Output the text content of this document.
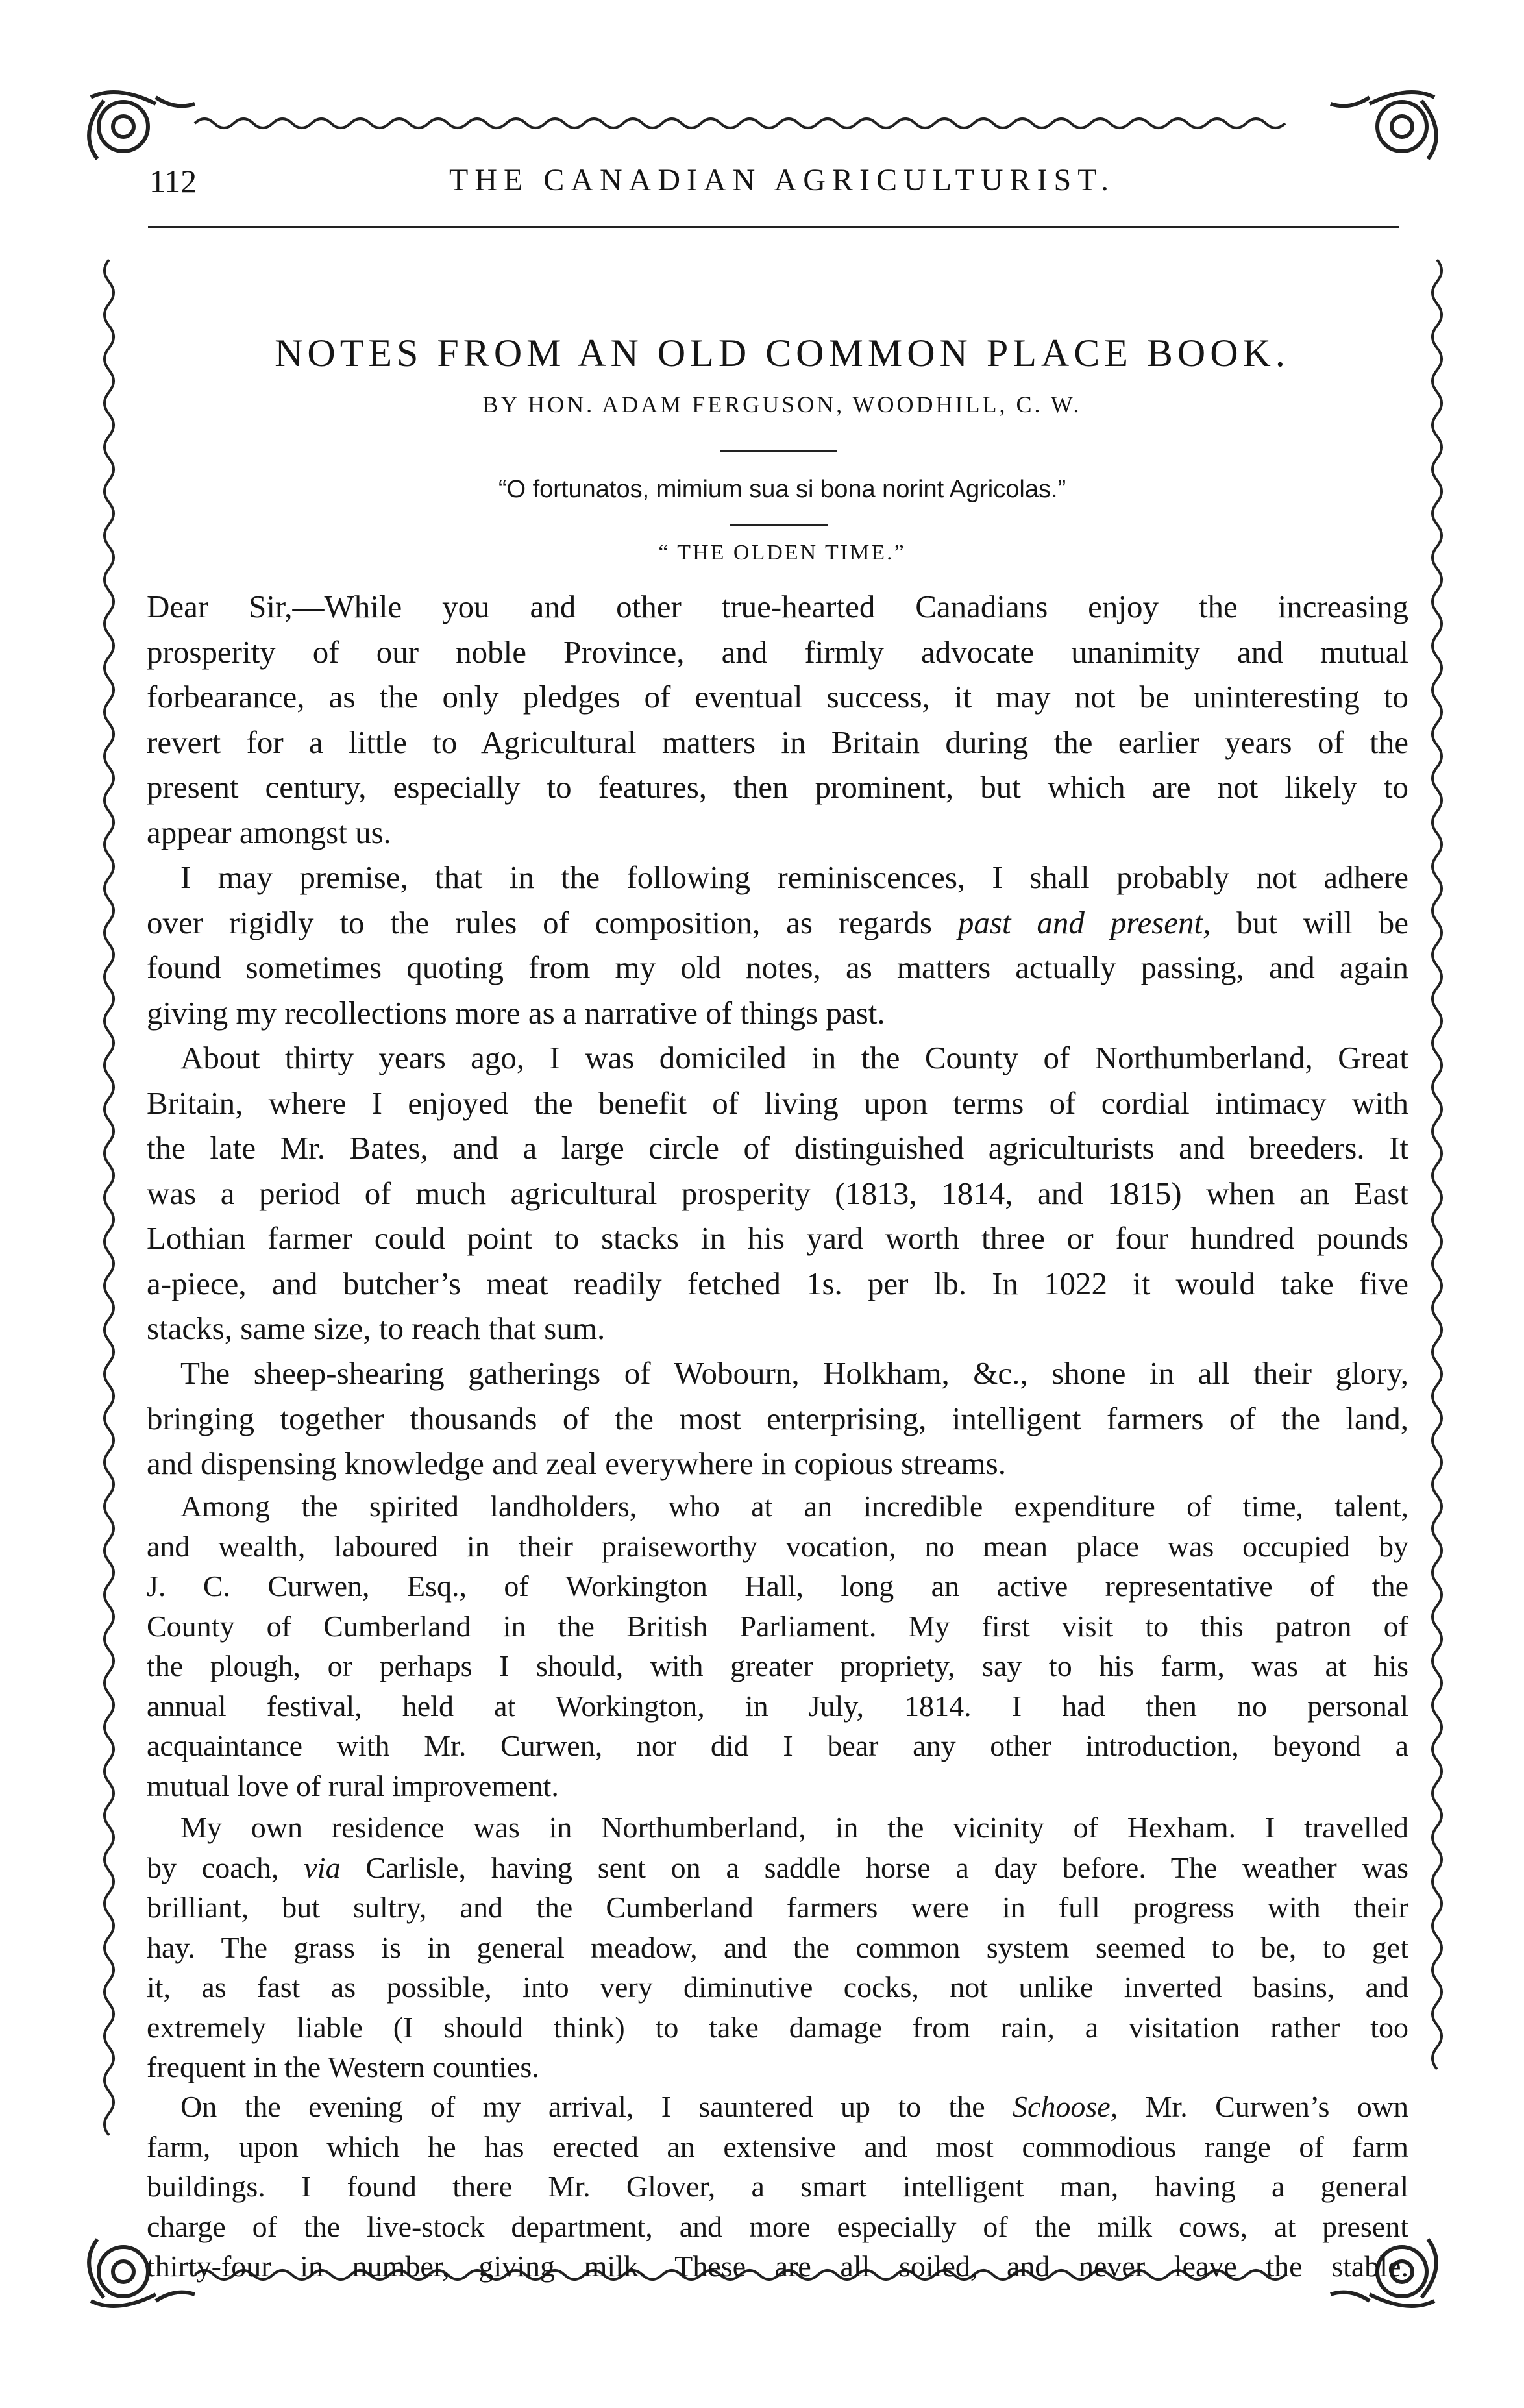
112	THE CANADIAN AGRICULTURIST.
NOTES FROM AN OLD COMMON PLACE BOOK.
BY HON. ADAM FERGUSON, WOODHILL, C. W.
“O fortunatos, mimium sua si bona norint Agricolas.”
“ THE OLDEN TIME.”
Dear Sir,—While you and other true-hearted Canadians enjoy the increasing
prosperity of our noble Province, and firmly advocate unanimity and mutual
forbearance, as the only pledges of eventual success, it may not be uninteresting to
revert for a little to Agricultural matters in Britain during the earlier years of the
present century, especially to features, then prominent, but which are not likely to
appear amongst us.
I may premise, that in the following reminiscences, I shall probably not adhere
over rigidly to the rules of composition, as regards past and present, but will be
found sometimes quoting from my old notes, as matters actually passing, and again
giving my recollections more as a narrative of things past.
About thirty years ago, I was domiciled in the County of Northumberland, Great
Britain, where I enjoyed the benefit of living upon terms of cordial intimacy with
the late Mr. Bates, and a large circle of distinguished agriculturists and breeders. It
was a period of much agricultural prosperity (1813, 1814, and 1815) when an East
Lothian farmer could point to stacks in his yard worth three or four hundred pounds
a-piece, and butcher’s meat readily fetched 1s. per lb. In 1022 it would take five
stacks, same size, to reach that sum.
The sheep-shearing gatherings of Wobourn, Holkham, &c., shone in all their glory,
bringing together thousands of the most enterprising, intelligent farmers of the land,
and dispensing knowledge and zeal everywhere in copious streams.
Among the spirited landholders, who at an incredible expenditure of time, talent,
and wealth, laboured in their praiseworthy vocation, no mean place was occupied by
J. C. Curwen, Esq., of Workington Hall, long an active representative of the
County of Cumberland in the British Parliament. My first visit to this patron of
the plough, or perhaps I should, with greater propriety, say to his farm, was at his
annual festival, held at Workington, in July, 1814. I had then no personal
acquaintance with Mr. Curwen, nor did I bear any other introduction, beyond a
mutual love of rural improvement.
My own residence was in Northumberland, in the vicinity of Hexham. I travelled
by coach, via Carlisle, having sent on a saddle horse a day before. The weather was
brilliant, but sultry, and the Cumberland farmers were in full progress with their
hay. The grass is in general meadow, and the common system seemed to be, to get
it, as fast as possible, into very diminutive cocks, not unlike inverted basins, and
extremely liable (I should think) to take damage from rain, a visitation rather too
frequent in the Western counties.
On the evening of my arrival, I sauntered up to the Schoose, Mr. Curwen’s own
farm, upon which he has erected an extensive and most commodious range of farm
buildings. I found there Mr. Glover, a smart intelligent man, having a general
charge of the live-stock department, and more especially of the milk cows, at present
thirty-four in number, giving milk. These are all soiled, and never leave the stable.
